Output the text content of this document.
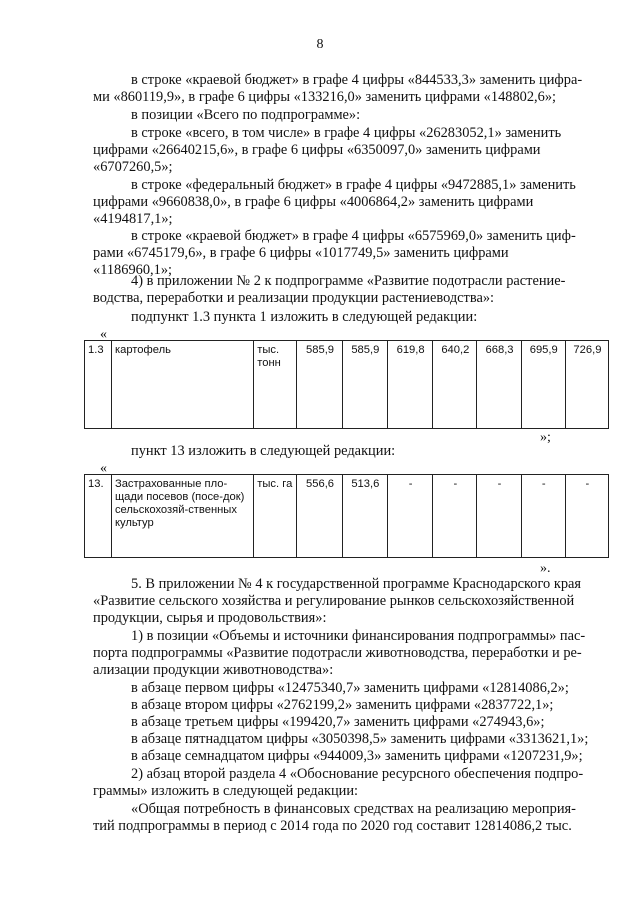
8
в строке «краевой бюджет» в графе 4 цифры «844533,3» заменить цифра-
ми «860119,9», в графе 6 цифры «133216,0» заменить цифрами «148802,6»;
в позиции «Всего по подпрограмме»:
в строке «всего, в том числе» в графе 4 цифры «26283052,1» заменить
цифрами «26640215,6», в графе 6 цифры «6350097,0» заменить цифрами
«6707260,5»;
в строке «федеральный бюджет» в графе 4 цифры «9472885,1» заменить
цифрами «9660838,0», в графе 6 цифры «4006864,2» заменить цифрами
«4194817,1»;
в строке «краевой бюджет» в графе 4 цифры «6575969,0» заменить циф-
рами «6745179,6», в графе 6 цифры «1017749,5» заменить цифрами
«1186960,1»;
4) в приложении № 2 к подпрограмме «Развитие подотрасли растение-
водства, переработки и реализации продукции растениеводства»:
подпункт 1.3 пункта 1 изложить в следующей редакции:
«
1.3	картофель	тыс. тонн	585,9	585,9	619,8	640,2	668,3	695,9	726,9
»;
пункт 13 изложить в следующей редакции:
«
13.	Застрахованные пло-щади посевов (посе-док) сельскохозяй-ственных культур	тыс. га	556,6	513,6	-	-	-	-	-
».
5. В приложении № 4 к государственной программе Краснодарского края
«Развитие сельского хозяйства и регулирование рынков сельскохозяйственной
продукции, сырья и продовольствия»:
1) в позиции «Объемы и источники финансирования подпрограммы» пас-
порта подпрограммы «Развитие подотрасли животноводства, переработки и ре-
ализации продукции животноводства»:
в абзаце первом цифры «12475340,7» заменить цифрами «12814086,2»;
в абзаце втором цифры «2762199,2» заменить цифрами «2837722,1»;
в абзаце третьем цифры «199420,7» заменить цифрами «274943,6»;
в абзаце пятнадцатом цифры «3050398,5» заменить цифрами «3313621,1»;
в абзаце семнадцатом цифры «944009,3» заменить цифрами «1207231,9»;
2) абзац второй раздела 4 «Обоснование ресурсного обеспечения подпро-
граммы» изложить в следующей редакции:
«Общая потребность в финансовых средствах на реализацию мероприя-
тий подпрограммы в период с 2014 года по 2020 год составит 12814086,2 тыс.
